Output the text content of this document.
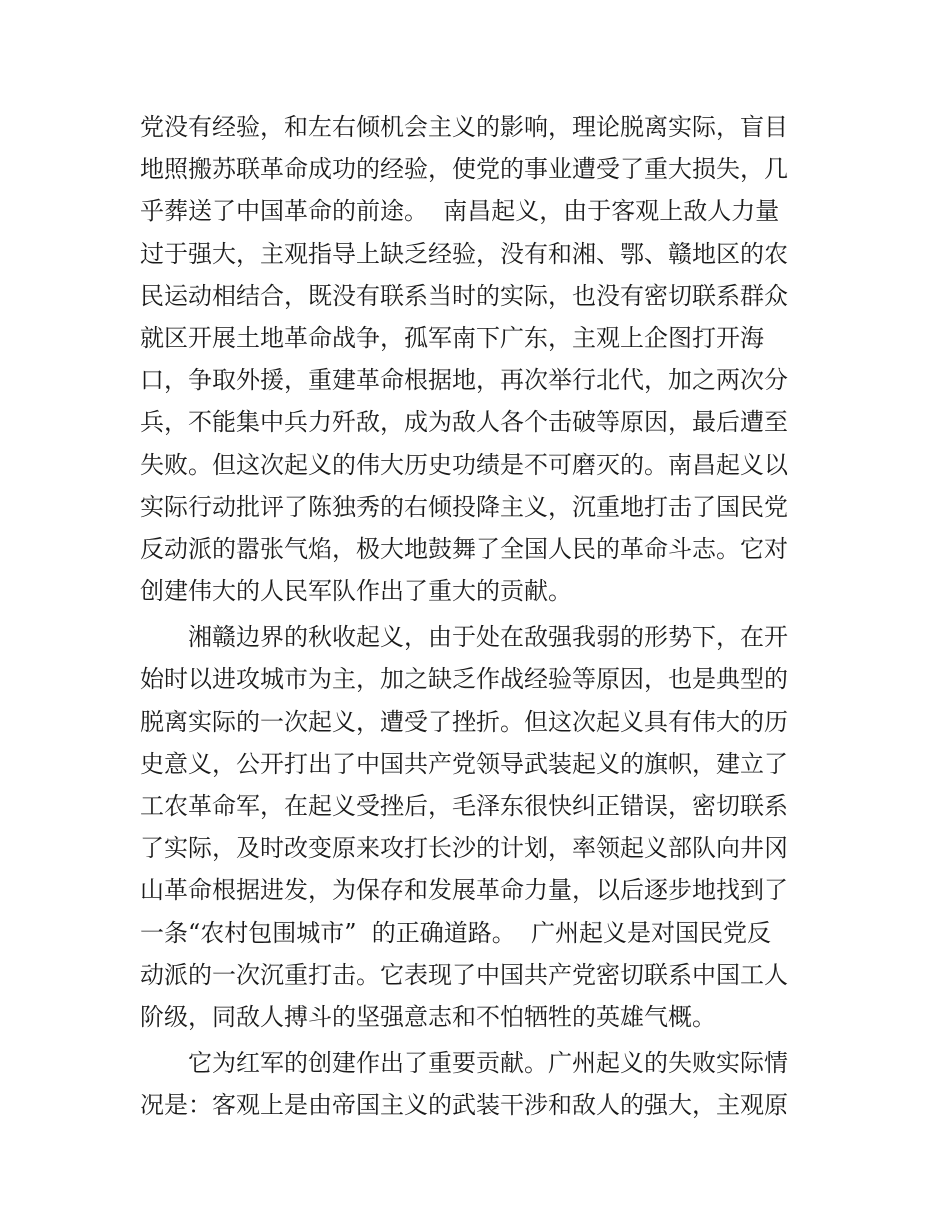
党没有经验，和左右倾机会主义的影响，理论脱离实际，盲目
地照搬苏联革命成功的经验，使党的事业遭受了重大损失，几
乎葬送了中国革命的前途。  南昌起义，由于客观上敌人力量
过于强大，主观指导上缺乏经验，没有和湘、鄂、赣地区的农
民运动相结合，既没有联系当时的实际，也没有密切联系群众
就区开展土地革命战争，孤军南下广东，主观上企图打开海
口，争取外援，重建革命根据地，再次举行北代，加之两次分
兵，不能集中兵力歼敌，成为敌人各个击破等原因，最后遭至
失败。但这次起义的伟大历史功绩是不可磨灭的。南昌起义以
实际行动批评了陈独秀的右倾投降主义，沉重地打击了国民党
反动派的嚣张气焰，极大地鼓舞了全国人民的革命斗志。它对
创建伟大的人民军队作出了重大的贡献。
湘赣边界的秋收起义，由于处在敌强我弱的形势下，在开
始时以进攻城市为主，加之缺乏作战经验等原因，也是典型的
脱离实际的一次起义，遭受了挫折。但这次起义具有伟大的历
史意义，公开打出了中国共产党领导武装起义的旗帜，建立了
工农革命军，在起义受挫后，毛泽东很快纠正错误，密切联系
了实际，及时改变原来攻打长沙的计划，率领起义部队向井冈
山革命根据进发，为保存和发展革命力量，以后逐步地找到了
一条“农村包围城市”  的正确道路。  广州起义是对国民党反
动派的一次沉重打击。它表现了中国共产党密切联系中国工人
阶级，同敌人搏斗的坚强意志和不怕牺牲的英雄气概。
它为红军的创建作出了重要贡献。广州起义的失败实际情
况是：客观上是由帝国主义的武装干涉和敌人的强大，主观原
